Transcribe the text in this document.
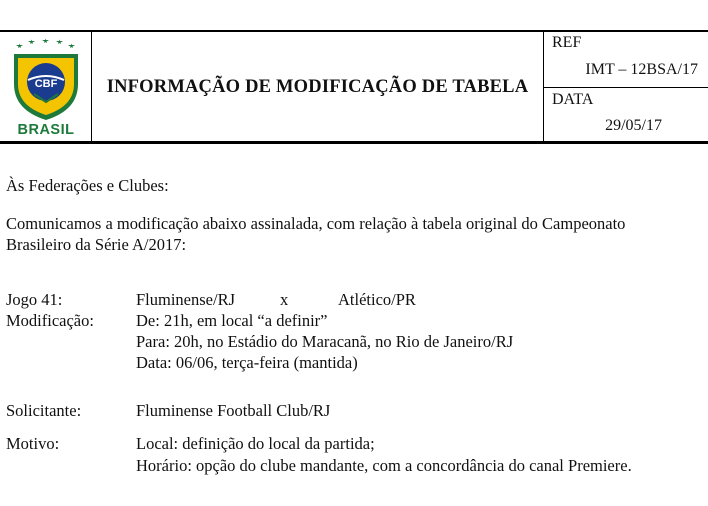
CBF
BRASIL
INFORMAÇÃO DE MODIFICAÇÃO DE TABELA
REF
IMT – 12BSA/17
DATA
29/05/17
Às Federações e Clubes:
Comunicamos a modificação abaixo assinalada, com relação à tabela original do Campeonato
Brasileiro da Série A/2017:
Jogo 41:	Fluminense/RJ	x	Atlético/PR
Modificação:	De: 21h, em local “a definir”
Para: 20h, no Estádio do Maracanã, no Rio de Janeiro/RJ
Data: 06/06, terça-feira (mantida)
Solicitante:	Fluminense Football Club/RJ
Motivo:	Local: definição do local da partida;
Horário: opção do clube mandante, com a concordância do canal Premiere.
